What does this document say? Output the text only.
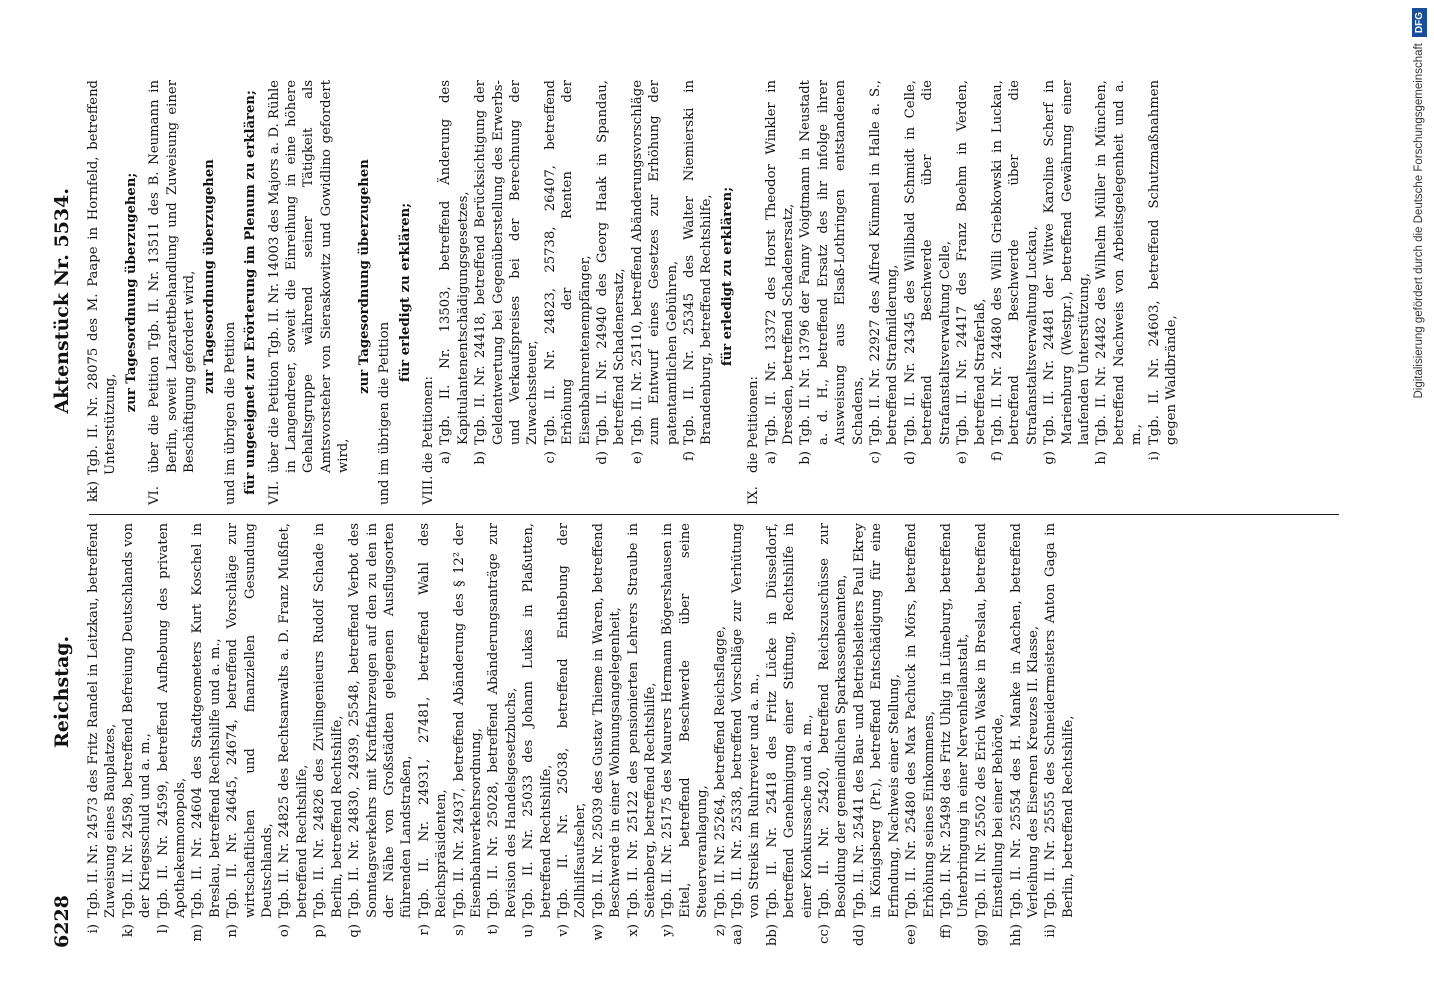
6228
Reichstag.
Aktenstück Nr. 5534.
i)
Tgb. II. Nr. 24573 des Fritz Randel in Leitzkau, betreffend Zuweisung eines Bauplatzes,
k)
Tgb. II. Nr. 24598, betreffend Befreiung Deutschlands von der Kriegsschuld und a. m.,
l)
Tgb. II. Nr. 24599, betreffend Aufhebung des privaten Apothekenmonopols,
m)
Tgb. II. Nr. 24604 des Stadtgeometers Kurt Koschel in Breslau, betreffend Rechtshilfe und a. m.,
n)
Tgb. II. Nr. 24645, 24674, betreffend Vorschläge zur wirtschaftlichen und finanziellen Gesundung Deutschlands,
o)
Tgb. II. Nr. 24825 des Rechtsanwalts a. D. Franz Mußfiet, betreffend Rechtshilfe,
p)
Tgb. II. Nr. 24826 des Zivilingenieurs Rudolf Schade in Berlin, betreffend Rechtshilfe,
q)
Tgb. II. Nr. 24830, 24939, 25548, betreffend Verbot des Sonntagsverkehrs mit Kraftfahrzeugen auf den zu den in der Nähe von Großstädten gelegenen Ausflugsorten führenden Landstraßen,
r)
Tgb. II. Nr. 24931, 27481, betreffend Wahl des Reichspräsidenten,
s)
Tgb. II. Nr. 24937, betreffend Abänderung des § 12² der Eisenbahnverkehrsordnung,
t)
Tgb. II. Nr. 25028, betreffend Abänderungsanträge zur Revision des Handelsgesetzbuchs,
u)
Tgb. II. Nr. 25033 des Johann Lukas in Plaßutten, betreffend Rechtshilfe,
v)
Tgb. II. Nr. 25038, betreffend Enthebung der Zollhilfsaufseher,
w)
Tgb. II. Nr. 25039 des Gustav Thieme in Waren, betreffend Beschwerde in einer Wohnungsangelegenheit,
x)
Tgb. II. Nr. 25122 des pensionierten Lehrers Straube in Seitenberg, betreffend Rechtshilfe,
y)
Tgb. II. Nr. 25175 des Maurers Hermann Bögershausen in Eitel, betreffend Beschwerde über seine Steuerveranlagung,
z)
Tgb. II. Nr. 25264, betreffend Reichsflagge,
aa)
Tgb. II. Nr. 25338, betreffend Vorschläge zur Verhütung von Streiks im Ruhrrevier und a. m.,
bb)
Tgb. II. Nr. 25418 des Fritz Lücke in Düsseldorf, betreffend Genehmigung einer Stiftung, Rechtshilfe in einer Konkurssache und a. m.,
cc)
Tgb. II. Nr. 25420, betreffend Reichszuschüsse zur Besoldung der gemeindlichen Sparkassenbeamten,
dd)
Tgb. II. Nr. 25441 des Bau- und Betriebsleiters Paul Ekrey in Königsberg (Pr.), betreffend Entschädigung für eine Erfindung, Nachweis einer Stellung,
ee)
Tgb. II. Nr. 25480 des Max Pachuck in Mörs, betreffend Erhöhung seines Einkommens,
ff)
Tgb. II. Nr. 25498 des Fritz Uhlig in Lüneburg, betreffend Unterbringung in einer Nervenheilanstalt,
gg)
Tgb. II. Nr. 25502 des Erich Waske in Breslau, betreffend Einstellung bei einer Behörde,
hh)
Tgb. II. Nr. 25554 des H. Manke in Aachen, betreffend Verleihung des Eisernen Kreuzes II. Klasse,
ii)
Tgb. II. Nr. 25555 des Schneidermeisters Anton Gaga in Berlin, betreffend Rechtshilfe,
kk)
Tgb. II. Nr. 28075 des M. Paape in Hornfeld, betreffend Unterstützung,
zur Tagesordnung überzugehen;
VI.
über die Petition Tgb. II. Nr. 13511 des B. Neumann in Berlin, soweit Lazarettbehandlung und Zuweisung einer Beschäftigung gefordert wird, zur Tagesordnung überzugehen
und im übrigen die Petition für ungeeignet zur Erörterung im Plenum zu erklären; VII.
über die Petition Tgb. II. Nr. 14003 des Majors a. D. Rühle in Langendreer, soweit die Einreihung in eine höhere Gehaltsgruppe während seiner Tätigkeit als Amtsvorsteher von Sieraskowitz und Gowidlino gefordert wird,
zur Tagesordnung überzugehen
und im übrigen die Petition
für erledigt zu erklären;
VIII.
die Petitionen: a)
Tgb. II. Nr. 13503, betreffend Änderung des Kapitulantenentschädigungsgesetzes,
b)
Tgb. II. Nr. 24418, betreffend Berücksichtigung der Geldentwertung bei Gegenüberstellung des Erwerbs- und Verkaufspreises bei der Berechnung der Zuwachssteuer,
c)
Tgb. II. Nr. 24823, 25738, 26407, betreffend Erhöhung der Renten der Eisenbahnrentenempfänger,
d)
Tgb. II. Nr. 24940 des Georg Haak in Spandau, betreffend Schadenersatz,
e)
Tgb. II. Nr. 25110, betreffend Abänderungsvorschläge zum Entwurf eines Gesetzes zur Erhöhung der patentamtlichen Gebühren,
f)
Tgb. II. Nr. 25345 des Walter Niemierski in Brandenburg, betreffend Rechtshilfe, für erledigt zu erklären;
IX.
die Petitionen: a)
Tgb. II. Nr. 13372 des Horst Theodor Winkler in Dresden, betreffend Schadenersatz,
b)
Tgb. II. Nr. 13796 der Fanny Voigtmann in Neustadt a. d. H., betreffend Ersatz des ihr infolge ihrer Ausweisung aus Elsaß-Lothringen entstandenen Schadens,
c)
Tgb. II. Nr. 22927 des Alfred Kümmel in Halle a. S., betreffend Strafmilderung,
d)
Tgb. II. Nr. 24345 des Willibald Schmidt in Celle, betreffend Beschwerde über die Strafanstaltsverwaltung Celle,
e)
Tgb. II. Nr. 24417 des Franz Boehm in Verden, betreffend Straferlaß,
f)
Tgb. II. Nr. 24480 des Willi Griebkowski in Luckau, betreffend Beschwerde über die Strafanstaltsverwaltung Luckau,
g)
Tgb. II. Nr. 24481 der Witwe Karoline Scherf in Marienburg (Westpr.), betreffend Gewährung einer laufenden Unterstützung,
h)
Tgb. II. Nr. 24482 des Wilhelm Müller in München, betreffend Nachweis von Arbeitsgelegenheit und a. m.,
i)
Tgb. II. Nr. 24603, betreffend Schutzmaßnahmen gegen Waldbrände,	Digitalisierung gefördert durch die Deutsche Forschungsgemeinschaft
DFG
